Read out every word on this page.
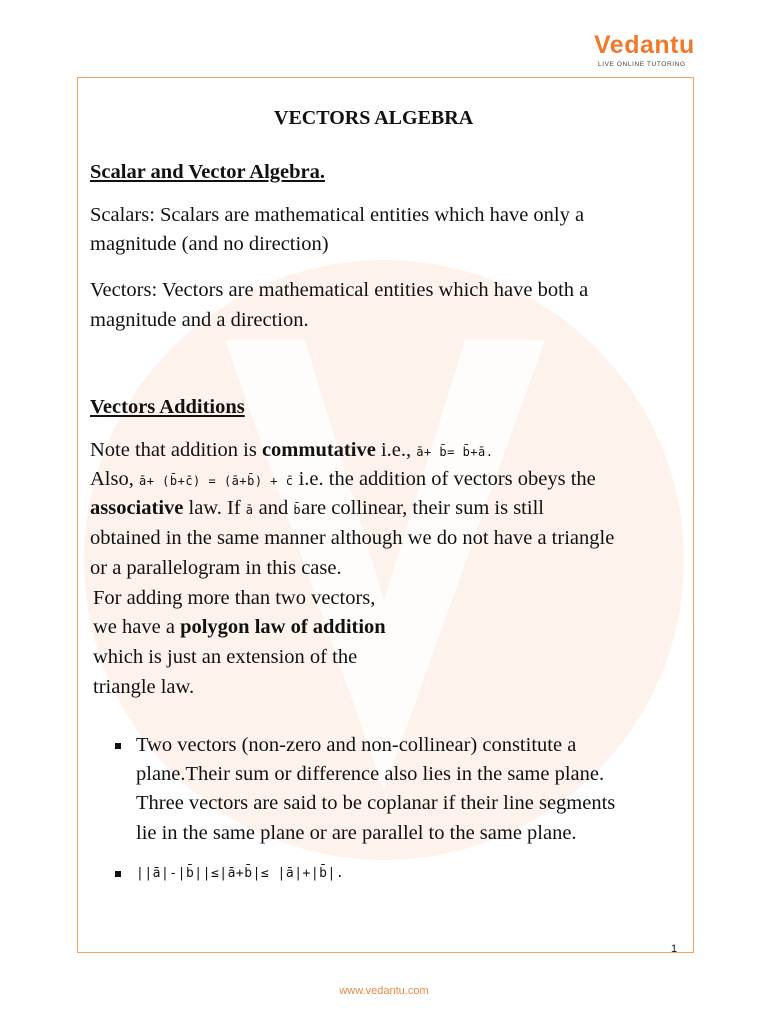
Vedantu
LIVE ONLINE TUTORING
VECTORS ALGEBRA
Scalar and Vector Algebra.
Scalars: Scalars are mathematical entities which have only a
magnitude (and no direction)
Vectors: Vectors are mathematical entities which have both a
magnitude and a direction.
Vectors Additions
Note that addition is commutative i.e., ā+ b̄= b̄+ā.
Also, ā+ (b̄+c̄) = (ā+b̄) + c̄ i.e. the addition of vectors obeys the
associative law. If ā and b̄are collinear, their sum is still
obtained in the same manner although we do not have a triangle
or a parallelogram in this case.
For adding more than two vectors,
we have a polygon law of addition
which is just an extension of the
triangle law.
Two vectors (non-zero and non-collinear) constitute a
plane.Their sum or difference also lies in the same plane.
Three vectors are said to be coplanar if their line segments
lie in the same plane or are parallel to the same plane.
||ā|-|b̄||≤|ā+b̄|≤ |ā|+|b̄|.
1
www.vedantu.com
